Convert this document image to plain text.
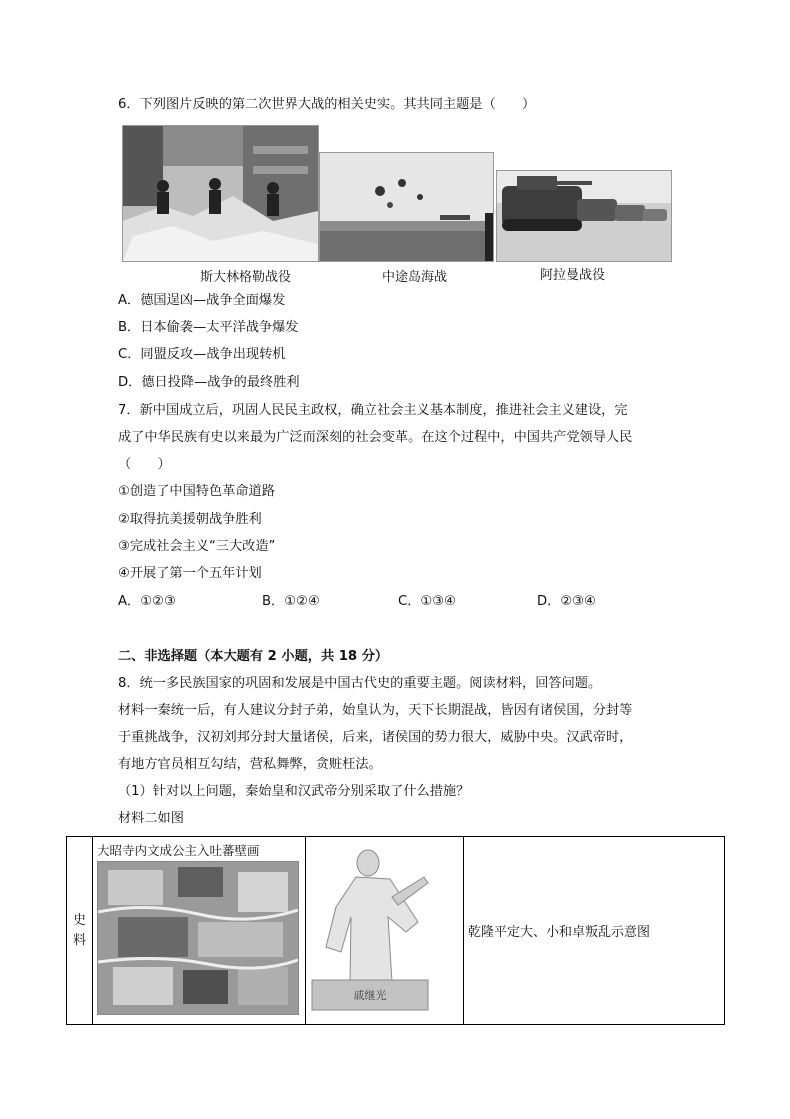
6．下列图片反映的第二次世界大战的相关史实。其共同主题是（　　）
斯大林格勒战役	中途岛海战	阿拉曼战役
A．德国逞凶—战争全面爆发
B．日本偷袭—太平洋战争爆发
C．同盟反攻—战争出现转机
D．德日投降—战争的最终胜利
7．新中国成立后，巩固人民民主政权，确立社会主义基本制度，推进社会主义建设，完
成了中华民族有史以来最为广泛而深刻的社会变革。在这个过程中，中国共产党领导人民
（　　）
①创造了中国特色革命道路
②取得抗美援朝战争胜利
③完成社会主义“三大改造”
④开展了第一个五年计划
A．①②③	B．①②④	C．①③④	D．②③④
二、非选择题（本大题有 2 小题，共 18 分）
8．统一多民族国家的巩固和发展是中国古代史的重要主题。阅读材料，回答问题。
材料一秦统一后，有人建议分封子弟，始皇认为，天下长期混战，皆因有诸侯国，分封等
于重挑战争，汉初刘邦分封大量诸侯，后来，诸侯国的势力很大，威胁中央。汉武帝时，
有地方官员相互勾结，营私舞弊，贪赃枉法。
（1）针对以上问题，秦始皇和汉武帝分别采取了什么措施？
材料二如图
史料

大昭寺内文成公主入吐蕃壁画

戚继光

乾隆平定大、小和卓叛乱示意图
